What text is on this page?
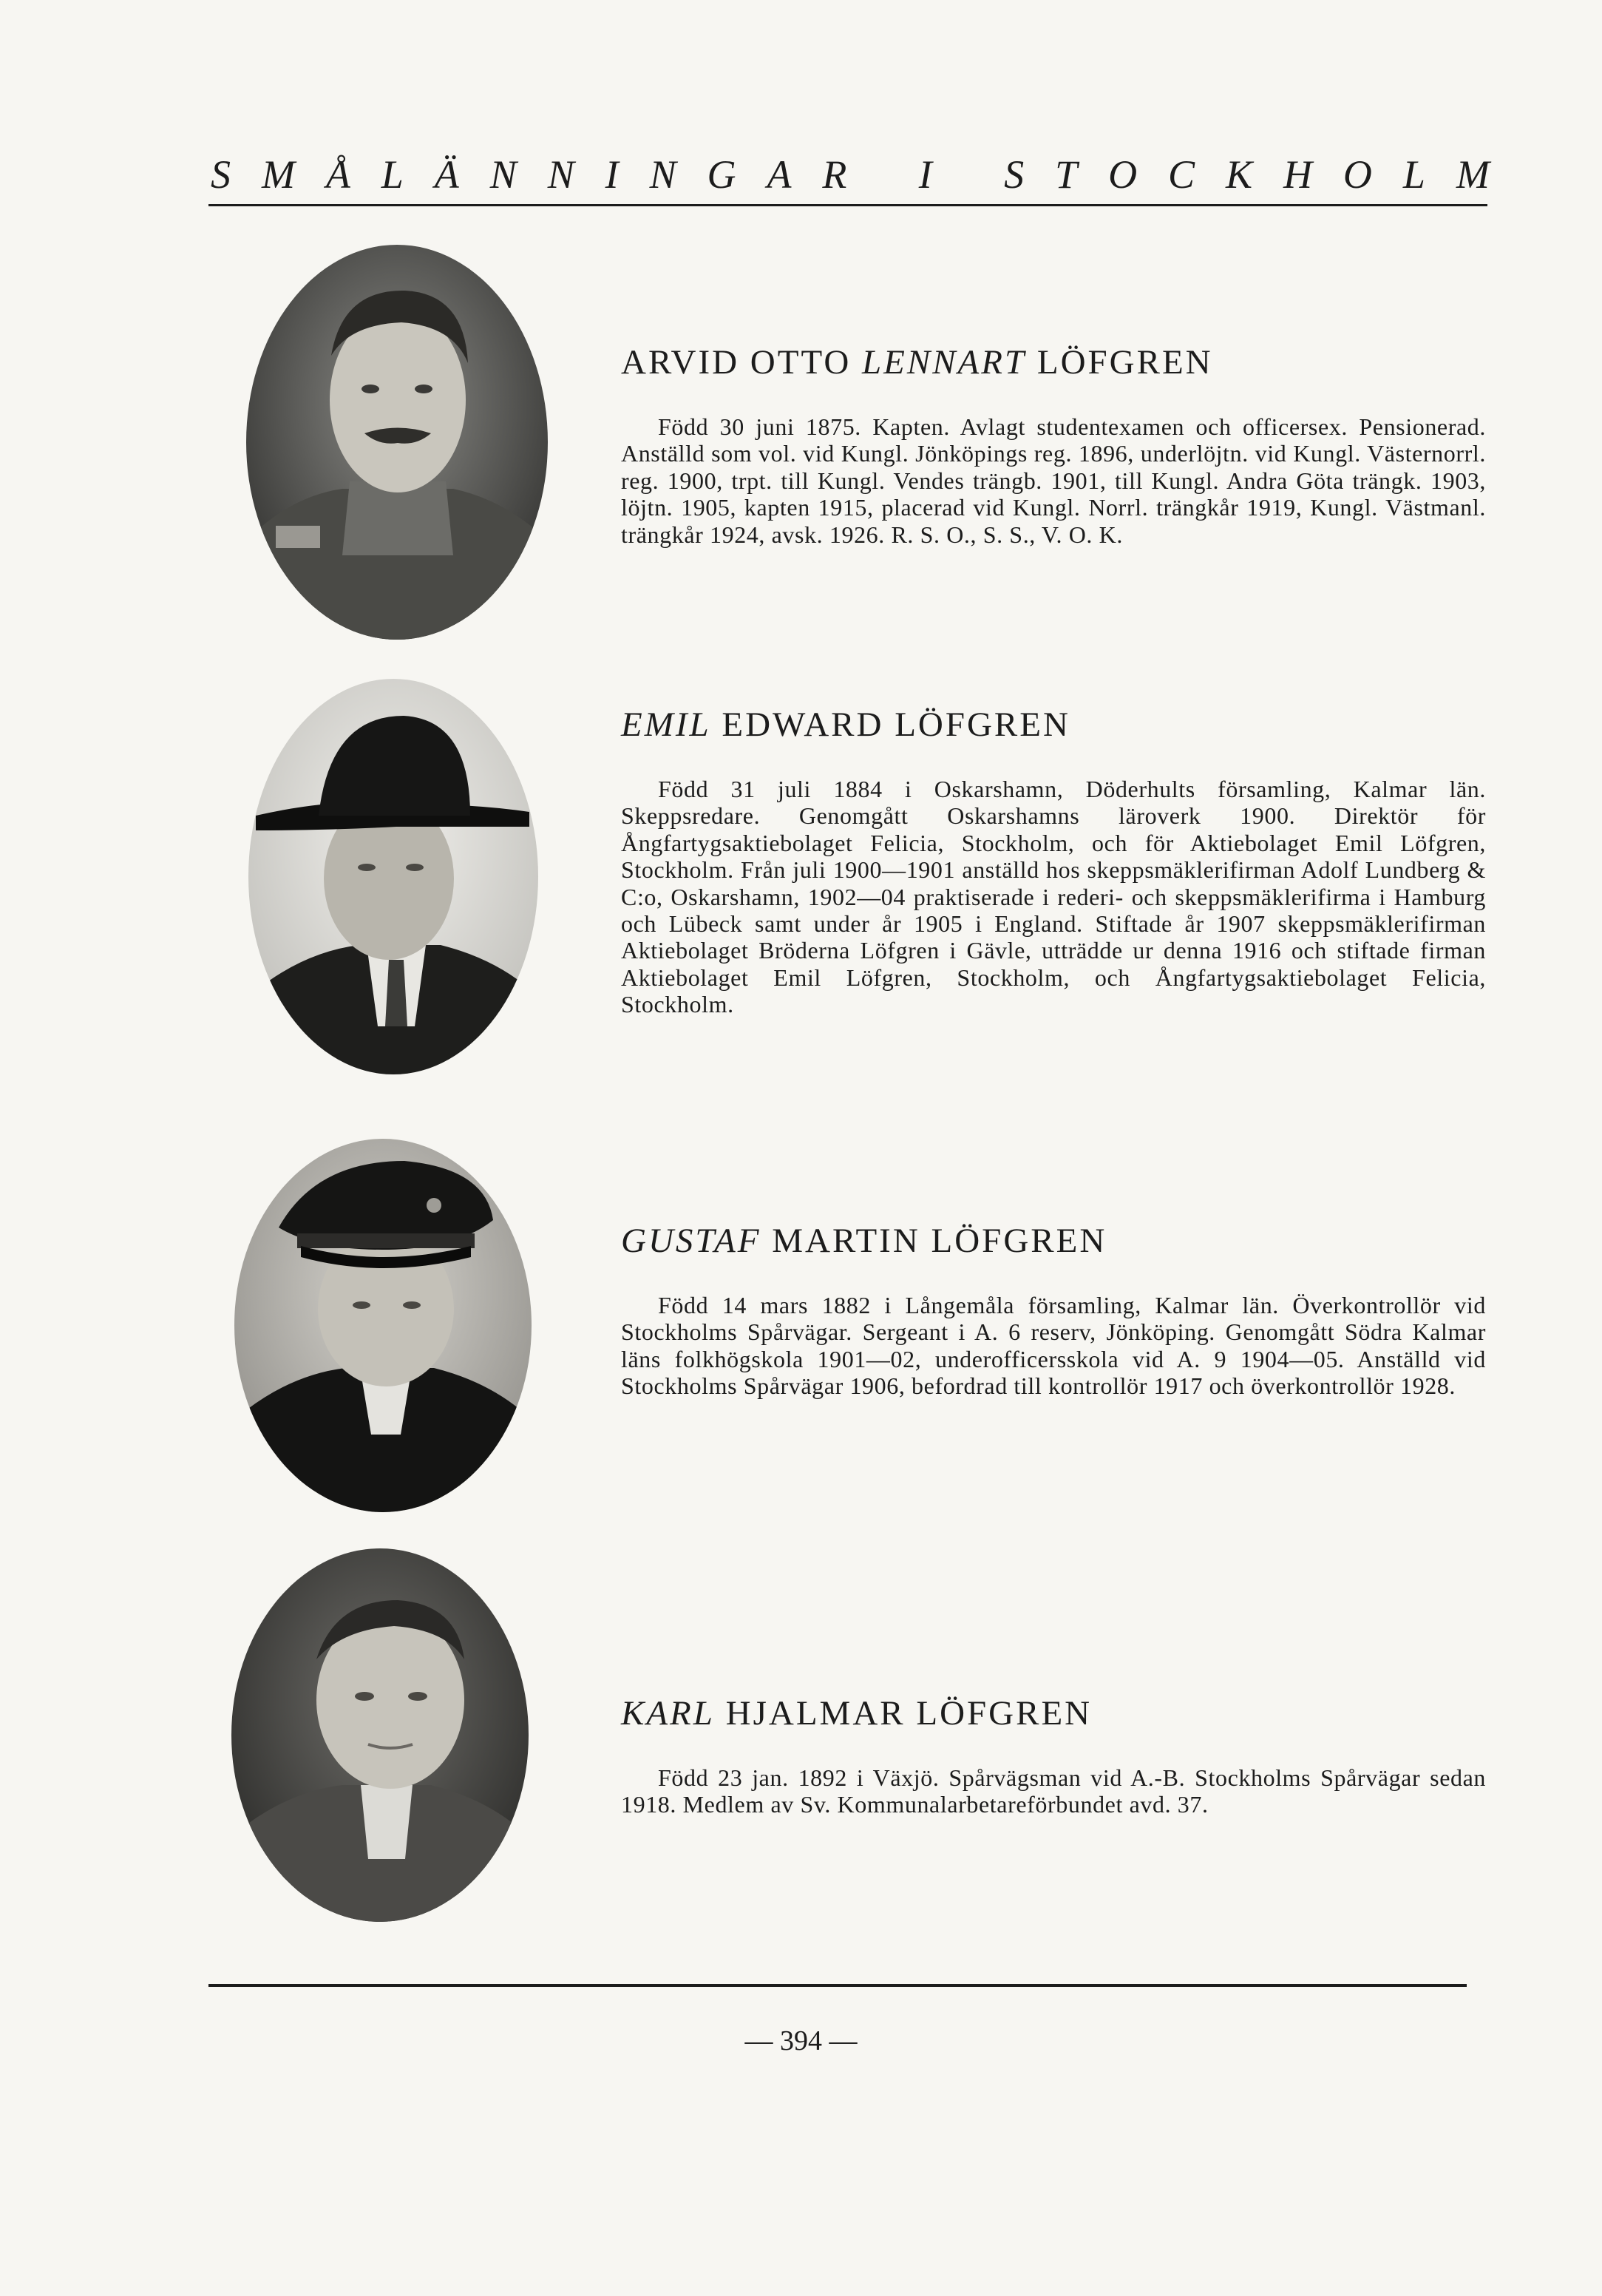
S M Å L Ä N N I N G A R
I
S T O C K H O L M
ARVID OTTO LENNART LÖFGREN

Född 30 juni 1875. Kapten. Avlagt studentexamen och officersex. Pensionerad. Anställd som vol. vid Kungl. Jönköpings reg. 1896, underlöjtn. vid Kungl. Västernorrl. reg. 1900, trpt. till Kungl. Vendes trängb. 1901, till Kungl. Andra Göta trängk. 1903, löjtn. 1905, kapten 1915, placerad vid Kungl. Norrl. trängkår 1919, Kungl. Västmanl. trängkår 1924, avsk. 1926. R. S. O., S. S., V. O. K.

EMIL EDWARD LÖFGREN

Född 31 juli 1884 i Oskarshamn, Döderhults församling, Kalmar län. Skeppsredare. Genomgått Oskarshamns läroverk 1900. Direktör för Ångfartygsaktiebolaget Felicia, Stockholm, och för Aktiebolaget Emil Löfgren, Stockholm. Från juli 1900—1901 anställd hos skeppsmäklerifirman Adolf Lundberg & C:o, Oskarshamn, 1902—04 praktiserade i rederi- och skeppsmäklerifirma i Hamburg och Lübeck samt under år 1905 i England. Stiftade år 1907 skeppsmäklerifirman Aktiebolaget Bröderna Löfgren i Gävle, utträdde ur denna 1916 och stiftade firman Aktiebolaget Emil Löfgren, Stockholm, och Ångfartygsaktiebolaget Felicia, Stockholm.

GUSTAF MARTIN LÖFGREN

Född 14 mars 1882 i Långemåla församling, Kalmar län. Överkontrollör vid Stockholms Spårvägar. Sergeant i A. 6 reserv, Jönköping. Genomgått Södra Kalmar läns folkhögskola 1901—02, underofficersskola vid A. 9 1904—05. Anställd vid Stockholms Spårvägar 1906, befordrad till kontrollör 1917 och överkontrollör 1928.

KARL HJALMAR LÖFGREN

Född 23 jan. 1892 i Växjö. Spårvägsman vid A.-B. Stockholms Spårvägar sedan 1918. Medlem av Sv. Kommunalarbetareförbundet avd. 37.

— 394 —
